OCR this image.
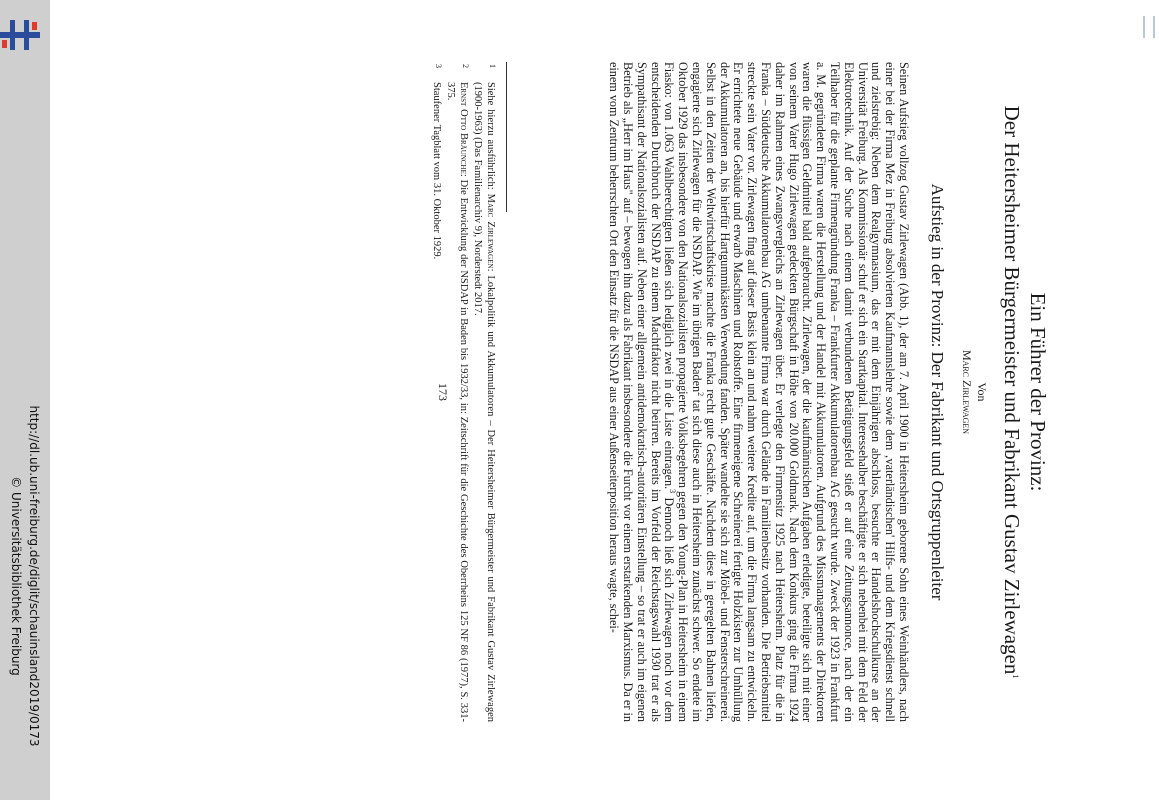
http://dl.ub.uni-freiburg.de/diglit/schauinsland2019/0173
© Universitätsbibliothek Freiburg
Ein Führer der Provinz:
Der Heitersheimer Bürgermeister und Fabrikant Gustav Zirlewagen$^1$
Von
Marc Zirlewagen
Aufstieg in der Provinz: Der Fabrikant und Ortsgruppenleiter
Seinen Aufstieg vollzog Gustav Zirlewagen (Abb. 1), der am 7. April 1900 in Heitersheim geborene Sohn eines Weinhändlers, nach einer bei der Firma Mez in Freiburg absolvierten Kaufmannslehre sowie dem ‚vaterländischen' Hilfs- und dem Kriegsdienst schnell und zielstrebig: Neben dem Realgymnasium, das er mit dem Einjährigen abschloss, besuchte er Handelshochschulkurse an der Universität Freiburg. Als Kommissionär schuf er sich ein Startkapital. Interessehalber beschäftigte er sich nebenbei mit dem Feld der Elektrotechnik. Auf der Suche nach einem damit verbundenen Betätigungsfeld stieß er auf eine Zeitungsannonce, nach der ein Teilhaber für die geplante Firmengründung Franka – Frankfurter Akkumulatorenbau AG gesucht wurde. Zweck der 1923 in Frankfurt a. M. gegründeten Firma waren die Herstellung und der Handel mit Akkumulatoren. Aufgrund des Missmanagements der Direktoren waren die flüssigen Geldmittel bald aufgebraucht. Zirlewagen, der die kaufmännischen Aufgaben erledigte, beteiligte sich mit einer von seinem Vater Hugo Zirlewagen gedeckten Bürgschaft in Höhe von 20.000 Goldmark. Nach dem Konkurs ging die Firma 1924 daher im Rahmen eines Zwangsvergleichs an Zirlewagen über. Er verlegte den Firmensitz 1925 nach Heitersheim. Platz für die in Franka – Süddeutsche Akkumulatorenbau AG umbenannte Firma war durch Gelände in Familienbesitz vorhanden. Die Betriebsmittel streckte sein Vater vor. Zirlewagen fing auf dieser Basis klein an und nahm weitere Kredite auf, um die Firma langsam zu entwickeln. Er errichtete neue Gebäude und erwarb Maschinen und Rohstoffe. Eine firmeneigene Schreinerei fertigte Holzkisten zur Umhüllung der Akkumulatoren an, bis hierfür Hartgummikästen Verwendung fanden. Später wandelte sie sich zur Möbel- und Fensterschreinerei. Selbst in den Zeiten der Weltwirtschaftskrise machte die Franka recht gute Geschäfte. Nachdem diese in geregelten Bahnen liefen, engagierte sich Zirlewagen für die NSDAP. Wie im übrigen Baden$^2$ tat sich diese auch in Heitersheim zunächst schwer. So endete im Oktober 1929 das insbesondere von den Nationalsozialisten propagierte Volksbegehren gegen den Young-Plan in Heitersheim in einem Fiasko: von 1.063 Wahlberechtigten ließen sich lediglich zwei in die Liste eintragen.$^3$ Dennoch ließ sich Zirlewagen noch vor dem entscheidenden Durchbruch der NSDAP zu einem Machtfaktor nicht beirren. Bereits im Vorfeld der Reichstagswahl 1930 trat er als Sympathisant der Nationalsozialisten auf. Neben einer allgemein antidemokratisch-autoritären Einstellung – so trat er auch im eigenen Betrieb als „Herr im Haus" auf – bewogen ihn dazu als Fabrikant insbesondere die Furcht vor einem erstarkenden Marxismus. Da er in einem vom Zentrum beherrschten Ort den Einsatz für die NSDAP aus einer Außenseiterposition heraus wagte, schei-
1
Siehe hierzu ausführlich: Marc Zirlewagen: Lokalpolitik und Akkumulatoren – Der Heitersheimer Bürgermeister und Fabrikant Gustav Zirlewagen (1900-1963) (Das Familienarchiv 9), Norderstedt 2017.
2
Ernst Otto Bräunche: Die Entwicklung der NSDAP in Baden bis 1932/33, in: Zeitschrift für die Geschichte des Oberrheins 125 NF 86 (1977), S. 331-375.
3
Staufener Tagblatt vom 31. Oktober 1929.
173
